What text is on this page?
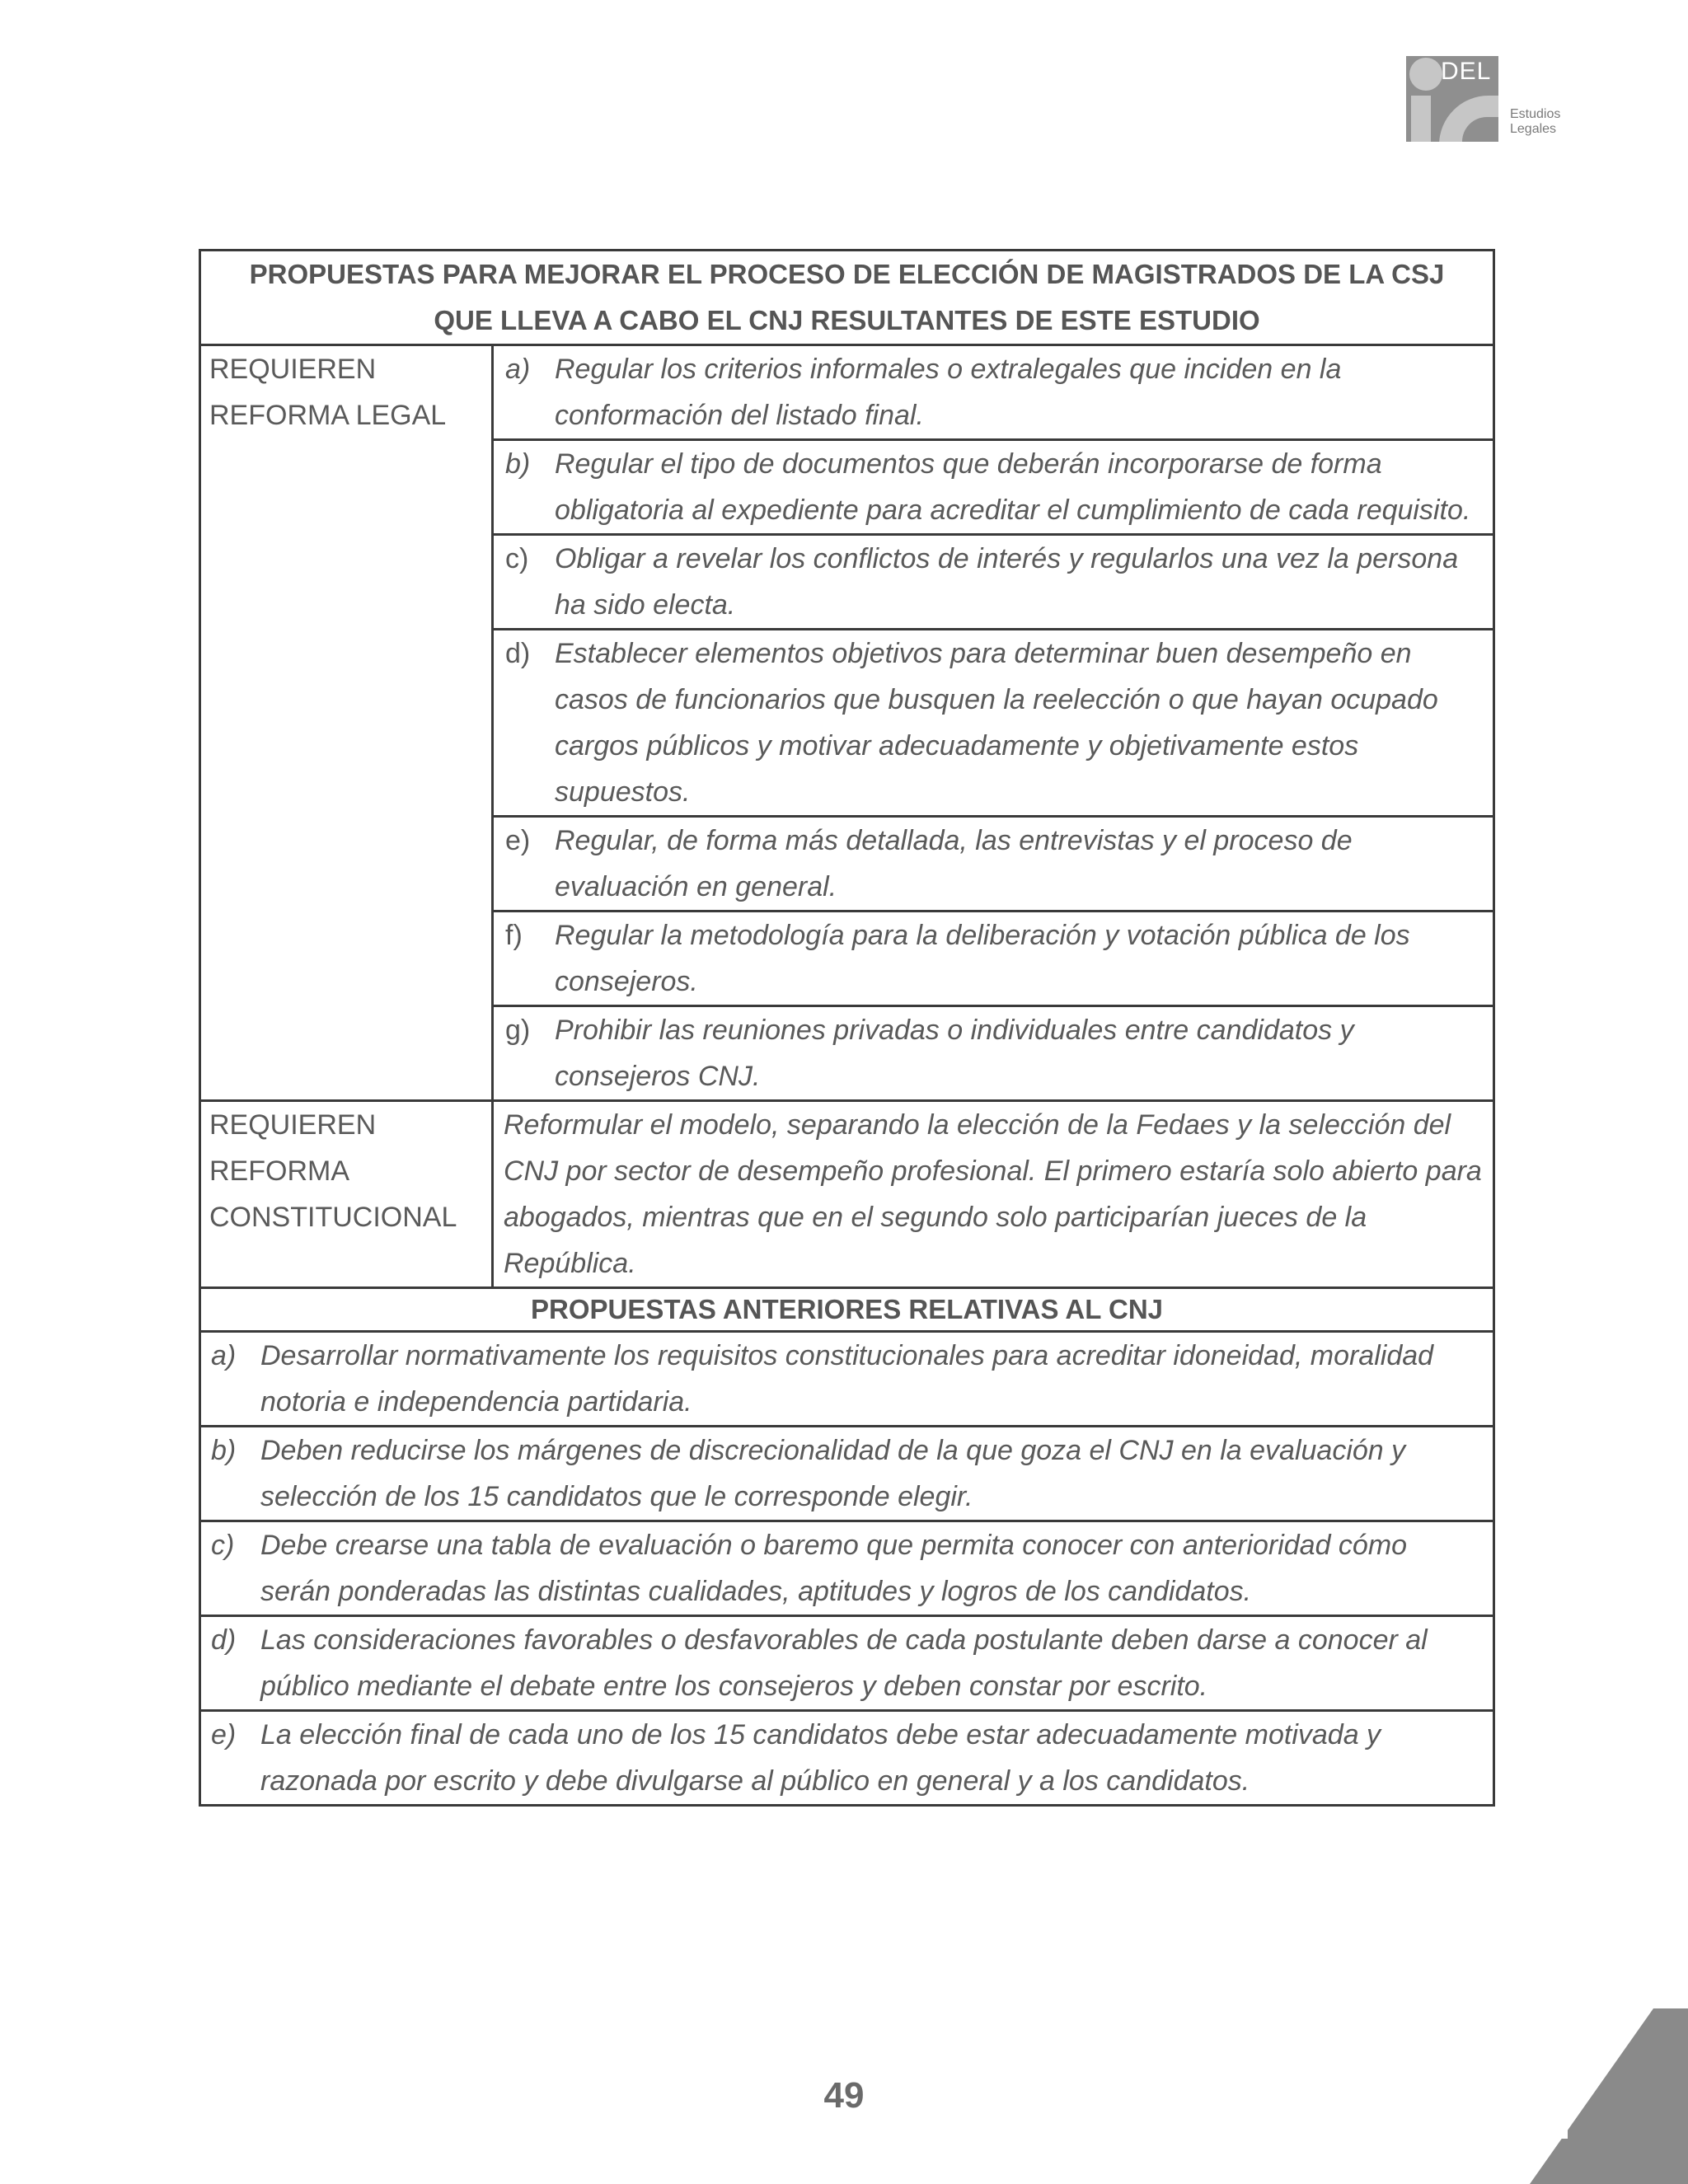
DEL
Estudios
Legales
PROPUESTAS PARA MEJORAR EL PROCESO DE ELECCIÓN DE MAGISTRADOS DE LA CSJ QUE LLEVA A CABO EL CNJ RESULTANTES DE ESTE ESTUDIO	
REQUIEREN REFORMA LEGAL	a) Regular los criterios informales o extralegales que inciden en la conformación del listado final.

	b) Regular el tipo de documentos que deberán incorporarse de forma obligatoria al expediente para acreditar el cumplimiento de cada requisito.

	c) Obligar a revelar los conflictos de interés y regularlos una vez la persona ha sido electa.

	d) Establecer elementos objetivos para determinar buen desempeño en casos de funcionarios que busquen la reelección o que hayan ocupado cargos públicos y motivar adecuadamente y objetivamente estos supuestos.

	e) Regular, de forma más detallada, las entrevistas y el proceso de evaluación en general.

	f) Regular la metodología para la deliberación y votación pública de los consejeros.

	g) Prohibir las reuniones privadas o individuales entre candidatos y consejeros CNJ.

REQUIEREN REFORMA CONSTITUCIONAL	Reformular el modelo, separando la elección de la Fedaes y la selección del CNJ por sector de desempeño profesional. El primero estaría solo abierto para abogados, mientras que en el segundo solo participarían jueces de la República.
PROPUESTAS ANTERIORES RELATIVAS AL CNJ	

a) Desarrollar normativamente los requisitos constitucionales para acreditar idoneidad, moralidad notoria e independencia partidaria.	

b) Deben reducirse los márgenes de discrecionalidad de la que goza el CNJ en la evaluación y selección de los 15 candidatos que le corresponde elegir.	

c) Debe crearse una tabla de evaluación o baremo que permita conocer con anterioridad cómo serán ponderadas las distintas cualidades, aptitudes y logros de los candidatos.	

d) Las consideraciones favorables o desfavorables de cada postulante deben darse a conocer al público mediante el debate entre los consejeros y deben constar por escrito.	

e) La elección final de cada uno de los 15 candidatos debe estar adecuadamente motivada y razonada por escrito y debe divulgarse al público en general y a los candidatos.	
49
